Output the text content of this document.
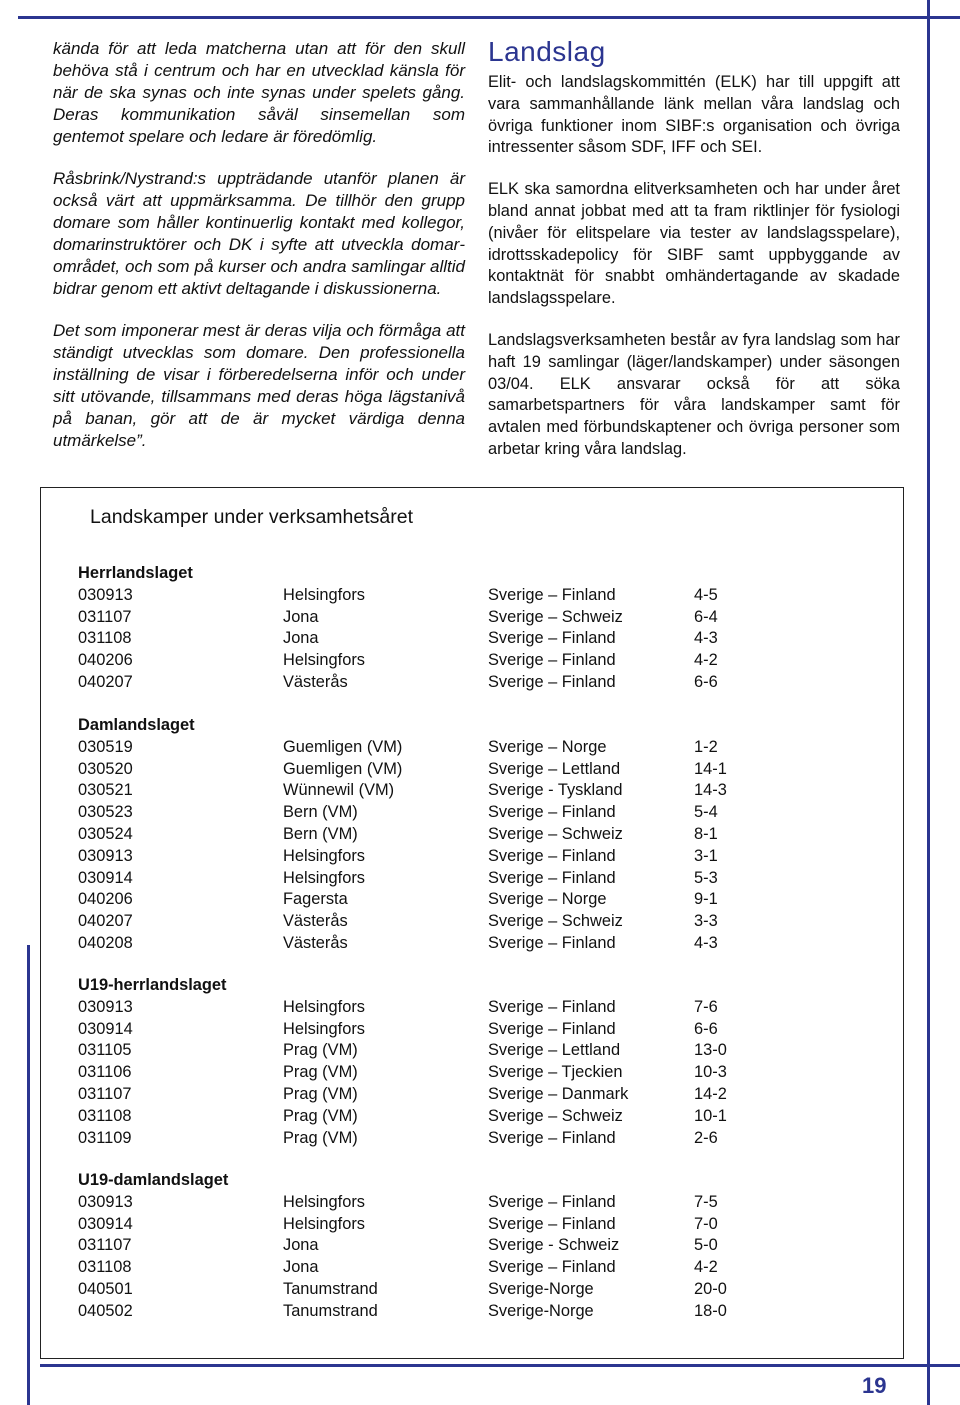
kända för att leda matcherna utan att för den skull behöva stå i centrum och har en utvecklad känsla för när de ska synas och inte synas under spelets gång. Deras kommunikation såväl sinsemellan som gentemot spelare och ledare är föredömlig.

Råsbrink/Nystrand:s uppträdande utanför planen är också värt att uppmärksamma. De tillhör den grupp domare som håller kontinuerlig kontakt med kollegor, domarinstruktörer och DK i syfte att utveckla domarområdet, och som på kurser och andra samlingar alltid bidrar genom ett aktivt deltagande i diskussionerna.

Det som imponerar mest är deras vilja och förmåga att ständigt utvecklas som domare. Den professionella inställning de visar i förberedelserna inför och under sitt utövande, tillsammans med deras höga lägstanivå på banan, gör att de är mycket värdiga denna utmärkelse”.

Landslag

Elit- och landslagskommittén (ELK) har till uppgift att vara sammanhållande länk mellan våra landslag och övriga funktioner inom SIBF:s organisation och övriga intressenter såsom SDF, IFF och SEI.

ELK ska samordna elitverksamheten och har under året bland annat jobbat med att ta fram riktlinjer för fysiologi (nivåer för elitspelare via tester av landslagsspelare), idrottsskadepolicy för SIBF samt uppbyggande av kontaktnät för snabbt omhändertagande av skadade landslagsspelare.

Landslagsverksamheten består av fyra landslag som har haft 19 samlingar (läger/landskamper) under säsongen 03/04. ELK ansvarar också för att söka samarbetspartners för våra landskamper samt för avtalen med förbundskaptener och övriga personer som arbetar kring våra landslag.

Landskamper under verksamhetsåret
Herrlandslaget
030913	Helsingfors	Sverige – Finland	4-5
031107	Jona	Sverige – Schweiz	6-4
031108	Jona	Sverige – Finland	4-3
040206	Helsingfors	Sverige – Finland	4-2
040207	Västerås	Sverige – Finland	6-6
Damlandslaget
030519	Guemligen (VM)	Sverige – Norge	1-2
030520	Guemligen (VM)	Sverige – Lettland	14-1
030521	Wünnewil (VM)	Sverige - Tyskland	14-3
030523	Bern (VM)	Sverige – Finland	5-4
030524	Bern (VM)	Sverige – Schweiz	8-1
030913	Helsingfors	Sverige – Finland	3-1
030914	Helsingfors	Sverige – Finland	5-3
040206	Fagersta	Sverige – Norge	9-1
040207	Västerås	Sverige – Schweiz	3-3
040208	Västerås	Sverige – Finland	4-3
U19-herrlandslaget
030913	Helsingfors	Sverige – Finland	7-6
030914	Helsingfors	Sverige – Finland	6-6
031105	Prag (VM)	Sverige – Lettland	13-0
031106	Prag (VM)	Sverige – Tjeckien	10-3
031107	Prag (VM)	Sverige – Danmark	14-2
031108	Prag (VM)	Sverige – Schweiz	10-1
031109	Prag (VM)	Sverige – Finland	2-6
U19-damlandslaget
030913	Helsingfors	Sverige – Finland	7-5
030914	Helsingfors	Sverige – Finland	7-0
031107	Jona	Sverige - Schweiz	5-0
031108	Jona	Sverige – Finland	4-2
040501	Tanumstrand	Sverige-Norge	20-0
040502	Tanumstrand	Sverige-Norge	18-0
19
